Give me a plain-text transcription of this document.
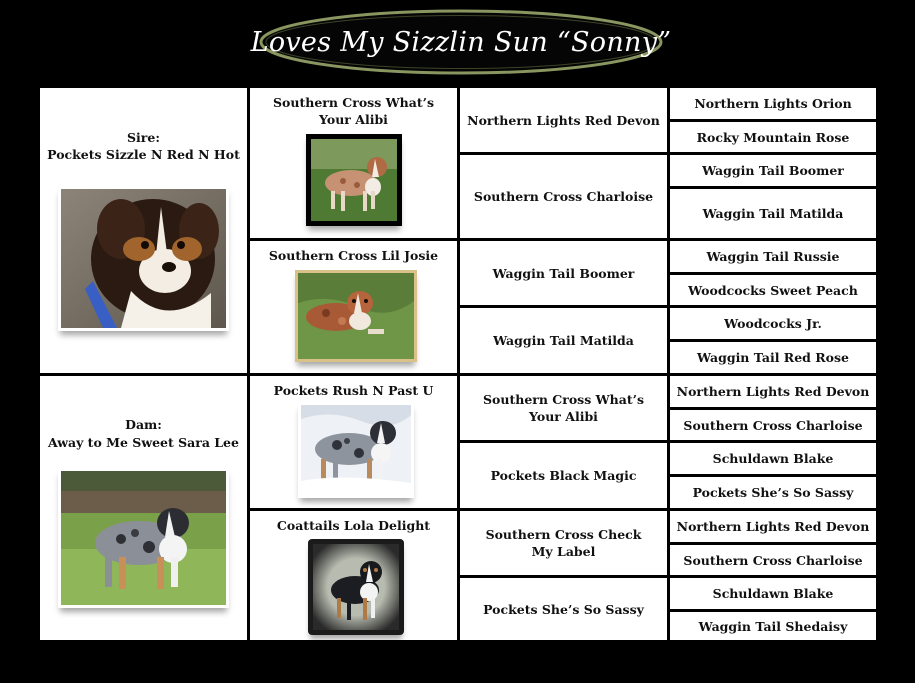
Loves My Sizzlin Sun “Sonny”
Sire:
Pockets Sizzle N Red N Hot
Dam:
Away to Me Sweet Sara Lee
Southern Cross What’s Your Alibi
Southern Cross Lil Josie
Pockets Rush N Past U
Coattails Lola Delight
Northern Lights Red Devon
Southern Cross Charloise
Waggin Tail Boomer
Waggin Tail Matilda
Southern Cross What’s Your Alibi
Pockets Black Magic
Southern Cross Check My Label
Pockets She’s So Sassy
Northern Lights Orion
Rocky Mountain Rose
Waggin Tail Boomer
Waggin Tail Matilda
Waggin Tail Russie
Woodcocks Sweet Peach
Woodcocks Jr.
Waggin Tail Red Rose
Northern Lights Red Devon
Southern Cross Charloise
Schuldawn Blake
Pockets She’s So Sassy
Northern Lights Red Devon
Southern Cross Charloise
Schuldawn Blake
Waggin Tail Shedaisy
